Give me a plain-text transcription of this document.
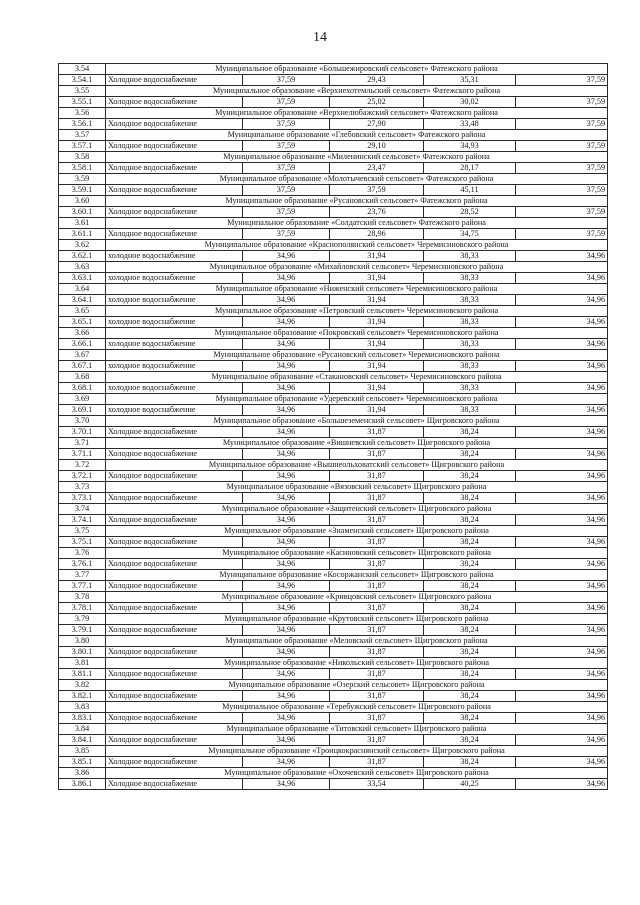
14
3.54	Муниципальное образование «Большежировский сельсовет» Фатежского района				
3.54.1	Холодное водоснабжение	37,59	29,43	35,31	37,59
3.55	Муниципальное образование «Верхнехотемльский сельсовет» Фатежского района				
3.55.1	Холодное водоснабжение	37,59	25,02	30,02	37,59
3.56	Муниципальное образование «Верхнелюбажский сельсовет» Фатежского района				
3.56.1	Холодное водоснабжение	37,59	27,90	33,48	37,59
3.57	Муниципальное образование «Глебовский сельсовет» Фатежского района				
3.57.1	Холодное водоснабжение	37,59	29,10	34,93	37,59
3.58	Муниципальное образование «Миленинский сельсовет» Фатежского района				
3.58.1	Холодное водоснабжение	37,59	23,47	28,17	37,59
3.59	Муниципальное образование «Молотычевский сельсовет» Фатежского района				
3.59.1	Холодное водоснабжение	37,59	37,59	45,11	37,59
3.60	Муниципальное образование «Русановский сельсовет» Фатежского района				
3.60.1	Холодное водоснабжение	37,59	23,76	28,52	37,59
3.61	Муниципальное образование «Солдатский сельсовет» Фатежского района				
3.61.1	Холодное водоснабжение	37,59	28,96	34,75	37,59
3.62	Муниципальное образование «Краснополянский сельсовет» Черемисиновского района				
3.62.1	холодное водоснабжение	34,96	31,94	38,33	34,96
3.63	Муниципальное образование «Михайловский сельсовет» Черемисиновского района				
3.63.1	холодное водоснабжение	34,96	31,94	38,33	34,96
3.64	Муниципальное образование «Ниженский сельсовет» Черемисиновского района				
3.64.1	холодное водоснабжение	34,96	31,94	38,33	34,96
3.65	Муниципальное образование «Петровский сельсовет» Черемисиновского района				
3.65.1	холодное водоснабжение	34,96	31,94	38,33	34,96
3.66	Муниципальное образование «Покровский сельсовет» Черемисиновского района				
3.66.1	холодное водоснабжение	34,96	31,94	38,33	34,96
3.67	Муниципальное образование «Русановский сельсовет» Черемисиновского района				
3.67.1	холодное водоснабжение	34,96	31,94	38,33	34,96
3.68	Муниципальное образование «Стакановский сельсовет» Черемисиновского района				
3.68.1	холодное водоснабжение	34,96	31,94	38,33	34,96
3.69	Муниципальное образование «Удеревский сельсовет» Черемисиновского района				
3.69.1	холодное водоснабжение	34,96	31,94	38,33	34,96
3.70	Муниципальное образование «Большеземенский сельсовет» Щигровского района				
3.70.1	Холодное водоснабжение	34,96	31,87	38,24	34,96
3.71	Муниципальное образование «Вишневский сельсовет» Щигровского района				
3.71.1	Холодное водоснабжение	34,96	31,87	38,24	34,96
3.72	Муниципальное образование «Вышнеольховатский сельсовет» Щигровского района				
3.72.1	Холодное водоснабжение	34,96	31,87	38,24	34,96
3.73	Муниципальное образование «Вязовский сельсовет» Щигровского района				
3.73.1	Холодное водоснабжение	34,96	31,87	38,24	34,96
3.74	Муниципальное образование «Защитенский сельсовет» Щигровского района				
3.74.1	Холодное водоснабжение	34,96	31,87	38,24	34,96
3.75	Муниципальное образование «Знаменский сельсовет» Щигровского района				
3.75.1	Холодное водоснабжение	34,96	31,87	38,24	34,96
3.76	Муниципальное образование «Касиновский сельсовет» Щигровского района				
3.76.1	Холодное водоснабжение	34,96	31,87	38,24	34,96
3.77	Муниципальное образование «Косоржанский сельсовет» Щигровского района				
3.77.1	Холодное водоснабжение	34,96	31,87	38,24	34,96
3.78	Муниципальное образование «Кривцовский сельсовет» Щигровского района				
3.78.1	Холодное водоснабжение	34,96	31,87	38,24	34,96
3.79	Муниципальное образование «Крутовский сельсовет» Щигровского района				
3.79.1	Холодное водоснабжение	34,96	31,87	38,24	34,96
3.80	Муниципальное образование «Меловский сельсовет» Щигровского района				
3.80.1	Холодное водоснабжение	34,96	31,87	38,24	34,96
3.81	Муниципальное образование «Никольский сельсовет» Щигровского района				
3.81.1	Холодное водоснабжение	34,96	31,87	38,24	34,96
3.82	Муниципальное образование «Озерский сельсовет» Щигровского района				
3.82.1	Холодное водоснабжение	34,96	31,87	38,24	34,96
3.83	Муниципальное образование «Теребужский сельсовет» Щигровского района				
3.83.1	Холодное водоснабжение	34,96	31,87	38,24	34,96
3.84	Муниципальное образование «Титовский сельсовет» Щигровского района				
3.84.1	Холодное водоснабжение	34,96	31,87	38,24	34,96
3.85	Муниципальное образование «Троицкокраснянский сельсовет» Щигровского района				
3.85.1	Холодное водоснабжение	34,96	31,87	38,24	34,96
3.86	Муниципальное образование «Охочевский сельсовет» Щигровского района				
3.86.1	Холодное водоснабжение	34,96	33,54	40,25	34,96
